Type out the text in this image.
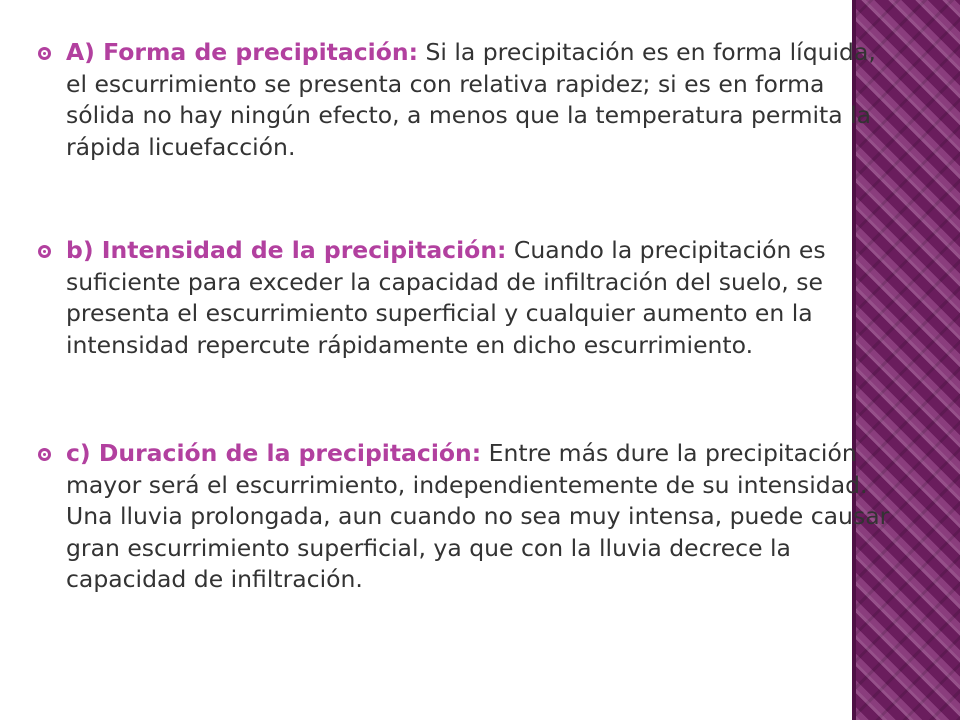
A) Forma de precipitación: Si la precipitación es en forma líquida, el escurrimiento se presenta con relativa rapidez; si es en forma sólida no hay ningún efecto, a menos que la temperatura permita la rápida licuefacción.
b) Intensidad de la precipitación: Cuando la precipitación es suficiente para exceder la capacidad de infiltración del suelo, se presenta el escurrimiento superficial y cualquier aumento en la intensidad repercute rápidamente en dicho escurrimiento.
c) Duración de la precipitación: Entre más dure la precipitación mayor será el escurrimiento, independientemente de su intensidad. Una lluvia prolongada, aun cuando no sea muy intensa, puede causar gran escurrimiento superficial, ya que con la lluvia decrece la capacidad de infiltración.
